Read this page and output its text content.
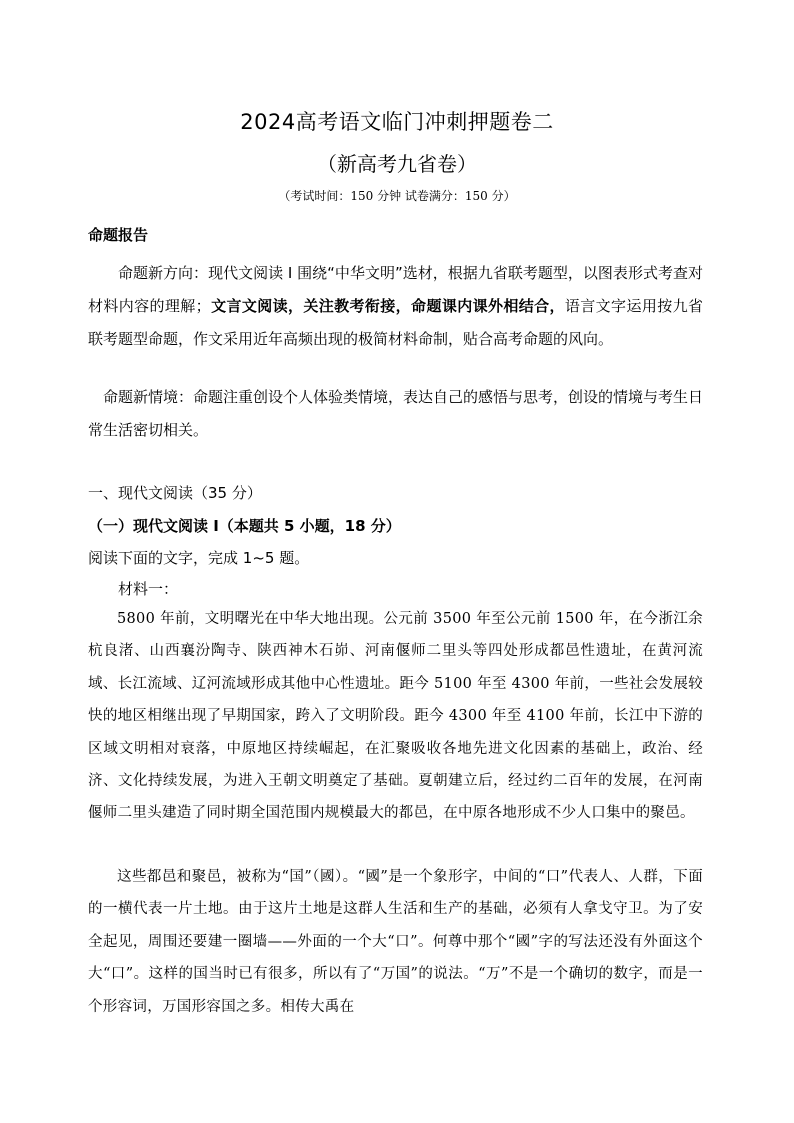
2024高考语文临门冲刺押题卷二
（新高考九省卷）
（考试时间：150 分钟 试卷满分：150 分）
命题报告
命题新方向：现代文阅读 I 围绕“中华文明”选材，根据九省联考题型，以图表形式考查对材料内容的理解；文言文阅读，关注教考衔接，命题课内课外相结合，语言文字运用按九省联考题型命题，作文采用近年高频出现的极简材料命制，贴合高考命题的风向。
命题新情境：命题注重创设个人体验类情境，表达自己的感悟与思考，创设的情境与考生日常生活密切相关。
一、现代文阅读（35 分）
（一）现代文阅读 I（本题共 5 小题，18 分）
阅读下面的文字，完成 1~5 题。
材料一：
5800 年前，文明曙光在中华大地出现。公元前 3500 年至公元前 1500 年，在今浙江余杭良渚、山西襄汾陶寺、陕西神木石峁、河南偃师二里头等四处形成都邑性遗址，在黄河流域、长江流域、辽河流域形成其他中心性遗址。距今 5100 年至 4300 年前，一些社会发展较快的地区相继出现了早期国家，跨入了文明阶段。距今 4300 年至 4100 年前，长江中下游的区域文明相对衰落，中原地区持续崛起，在汇聚吸收各地先进文化因素的基础上，政治、经济、文化持续发展，为进入王朝文明奠定了基础。夏朝建立后，经过约二百年的发展，在河南偃师二里头建造了同时期全国范围内规模最大的都邑，在中原各地形成不少人口集中的聚邑。
这些都邑和聚邑，被称为“国”（國）。“國”是一个象形字，中间的“口”代表人、人群，下面的一横代表一片土地。由于这片土地是这群人生活和生产的基础，必须有人拿戈守卫。为了安全起见，周围还要建一圈墙——外面的一个大“口”。何尊中那个“國”字的写法还没有外面这个大“口”。这样的国当时已有很多，所以有了“万国”的说法。“万”不是一个确切的数字，而是一个形容词，万国形容国之多。相传大禹在
